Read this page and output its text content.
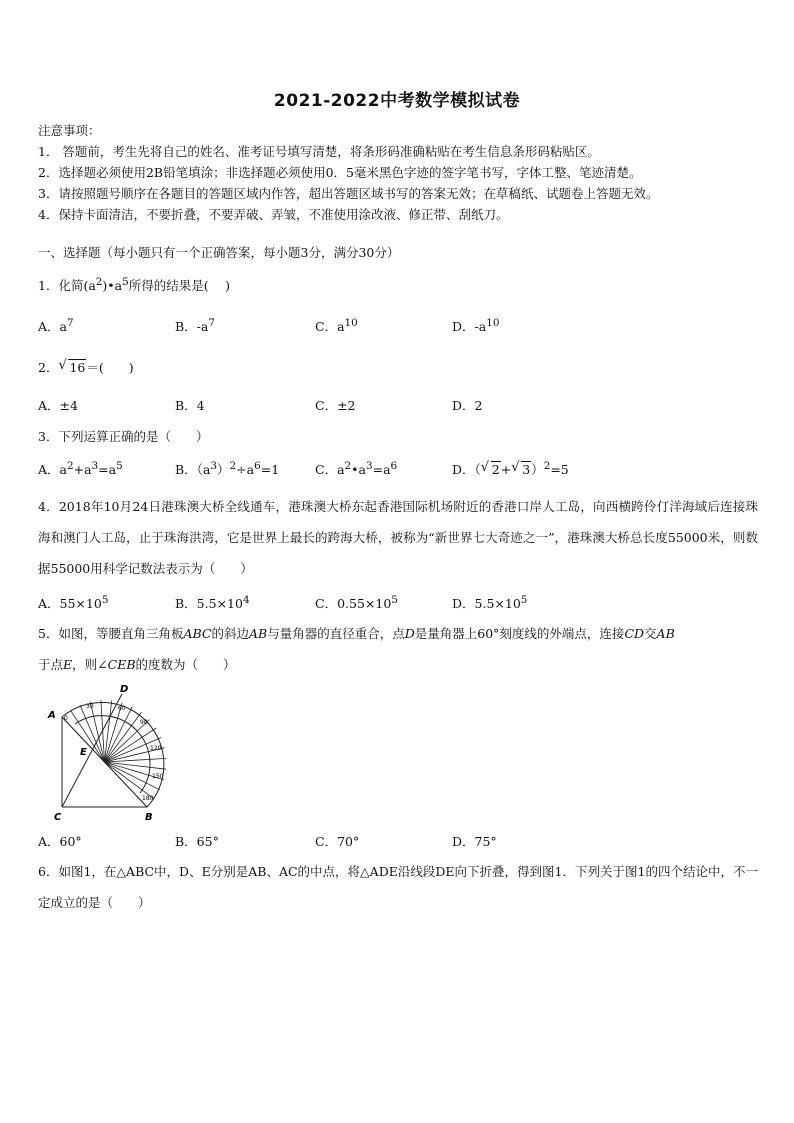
2021-2022中考数学模拟试卷
注意事项：
1． 答题前，考生先将自己的姓名、准考证号填写清楚，将条形码准确粘贴在考生信息条形码粘贴区。
2．选择题必须使用2B铅笔填涂；非选择题必须使用0．5毫米黑色字迹的签字笔书写，字体工整、笔迹清楚。
3．请按照题号顺序在各题目的答题区域内作答，超出答题区域书写的答案无效；在草稿纸、试题卷上答题无效。
4．保持卡面清洁，不要折叠，不要弄破、弄皱，不准使用涂改液、修正带、刮纸刀。
一、选择题（每小题只有一个正确答案，每小题3分，满分30分）
1．化简$(a^2)•a^5$所得的结果是(　 )
A．$a^7$	B．$-a^7$	C．$a^{10}$	D．$-a^{10}$
2． √ 16＝(　　)
A．±4	B．4	C．±2	D．2
3．下列运算正确的是（　　）
A．$a^2+a^3=a^5$	B．$(a^3)^2\div a^6=1$	C．$a^2•a^3=a^6$	D．（ √ 2+ √ 3）$^2$=5
4．2018年10月24日港珠澳大桥全线通车，港珠澳大桥东起香港国际机场附近的香港口岸人工岛，向西横跨伶仃洋海域后连接珠海和澳门人工岛，止于珠海洪湾，它是世界上最长的跨海大桥，被称为“新世界七大奇迹之一”，港珠澳大桥总长度55000米，则数据55000用科学记数法表示为（　　）
A．$55\times 10^5$	B．$5.5\times 10^4$	C．$0.55\times 10^5$	D．$5.5\times 10^5$
5．如图，等腰直角三角板ABC的斜边AB与量角器的直径重合，点D是量角器上60°刻度线的外端点，连接CD交AB
于点E，则∠CEB的度数为（　　）
A
B
C
D
E
0
30	60
90
120
150
180
A．60°	B．65°	C．70°	D．75°
6．如图1，在△ABC中，D、E分别是AB、AC的中点，将△ADE沿线段DE向下折叠，得到图1．下列关于图1的四个结论中，不一定成立的是（　　）
